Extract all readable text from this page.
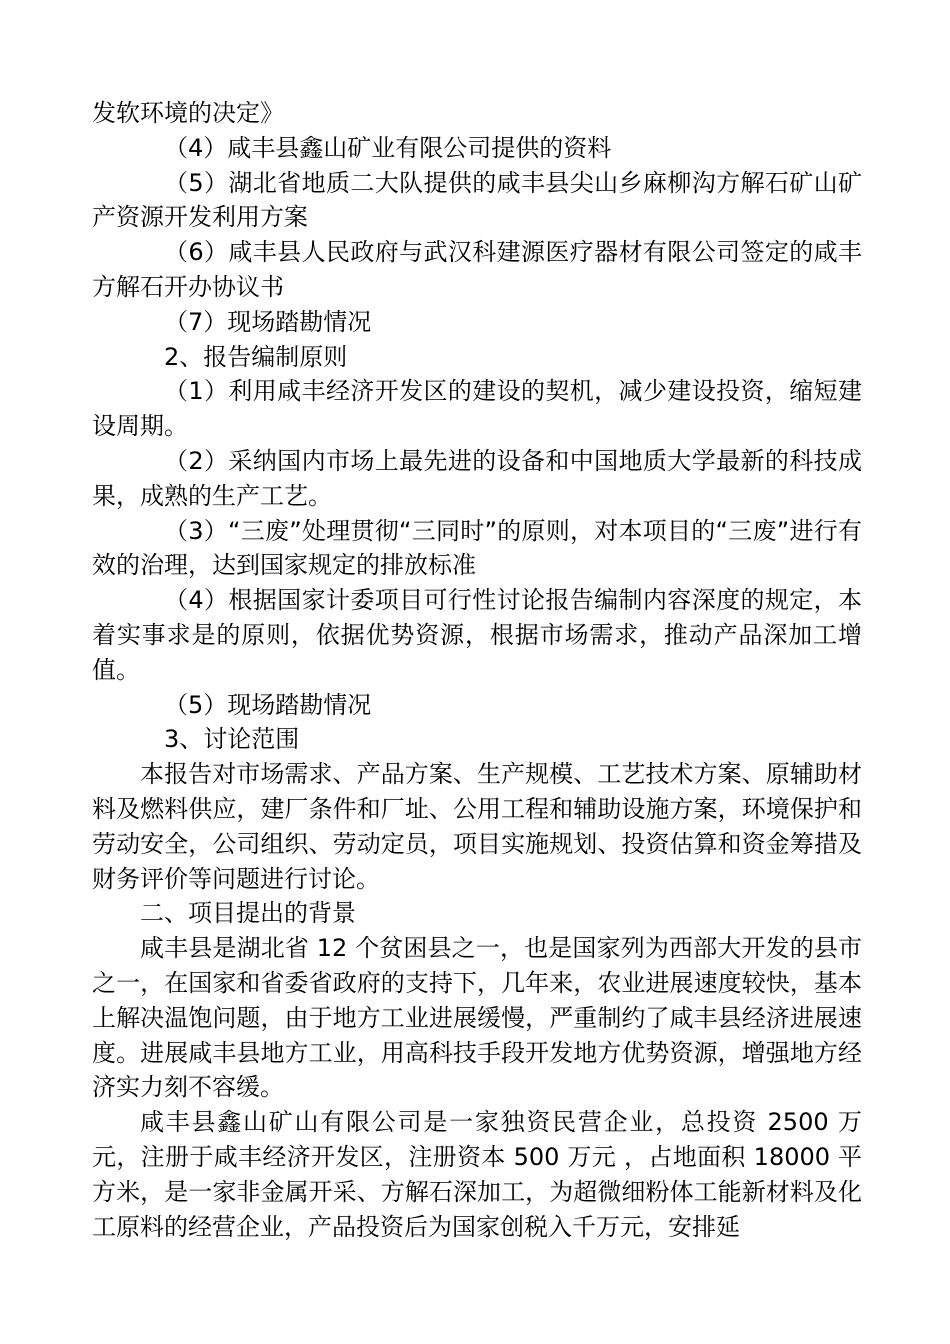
发软环境的决定》

（4）咸丰县鑫山矿业有限公司提供的资料

（5）湖北省地质二大队提供的咸丰县尖山乡麻柳沟方解石矿山矿产资源开发利用方案

（6）咸丰县人民政府与武汉科建源医疗器材有限公司签定的咸丰方解石开办协议书

（7）现场踏勘情况

2、报告编制原则

（1）利用咸丰经济开发区的建设的契机，减少建设投资，缩短建设周期。

（2）采纳国内市场上最先进的设备和中国地质大学最新的科技成果，成熟的生产工艺。

（3）“三废”处理贯彻“三同时”的原则，对本项目的“三废”进行有效的治理，达到国家规定的排放标准

（4）根据国家计委项目可行性讨论报告编制内容深度的规定，本着实事求是的原则，依据优势资源，根据市场需求，推动产品深加工增值。

（5）现场踏勘情况

3、讨论范围

本报告对市场需求、产品方案、生产规模、工艺技术方案、原辅助材料及燃料供应，建厂条件和厂址、公用工程和辅助设施方案，环境保护和劳动安全，公司组织、劳动定员，项目实施规划、投资估算和资金筹措及财务评价等问题进行讨论。

二、项目提出的背景

咸丰县是湖北省 12 个贫困县之一，也是国家列为西部大开发的县市之一，在国家和省委省政府的支持下，几年来，农业进展速度较快，基本上解决温饱问题，由于地方工业进展缓慢，严重制约了咸丰县经济进展速度。进展咸丰县地方工业，用高科技手段开发地方优势资源，增强地方经济实力刻不容缓。

咸丰县鑫山矿山有限公司是一家独资民营企业，总投资 2500 万元，注册于咸丰经济开发区，注册资本 500 万元 ，占地面积 18000 平方米，是一家非金属开采、方解石深加工，为超微细粉体工能新材料及化工原料的经营企业，产品投资后为国家创税入千万元，安排延
